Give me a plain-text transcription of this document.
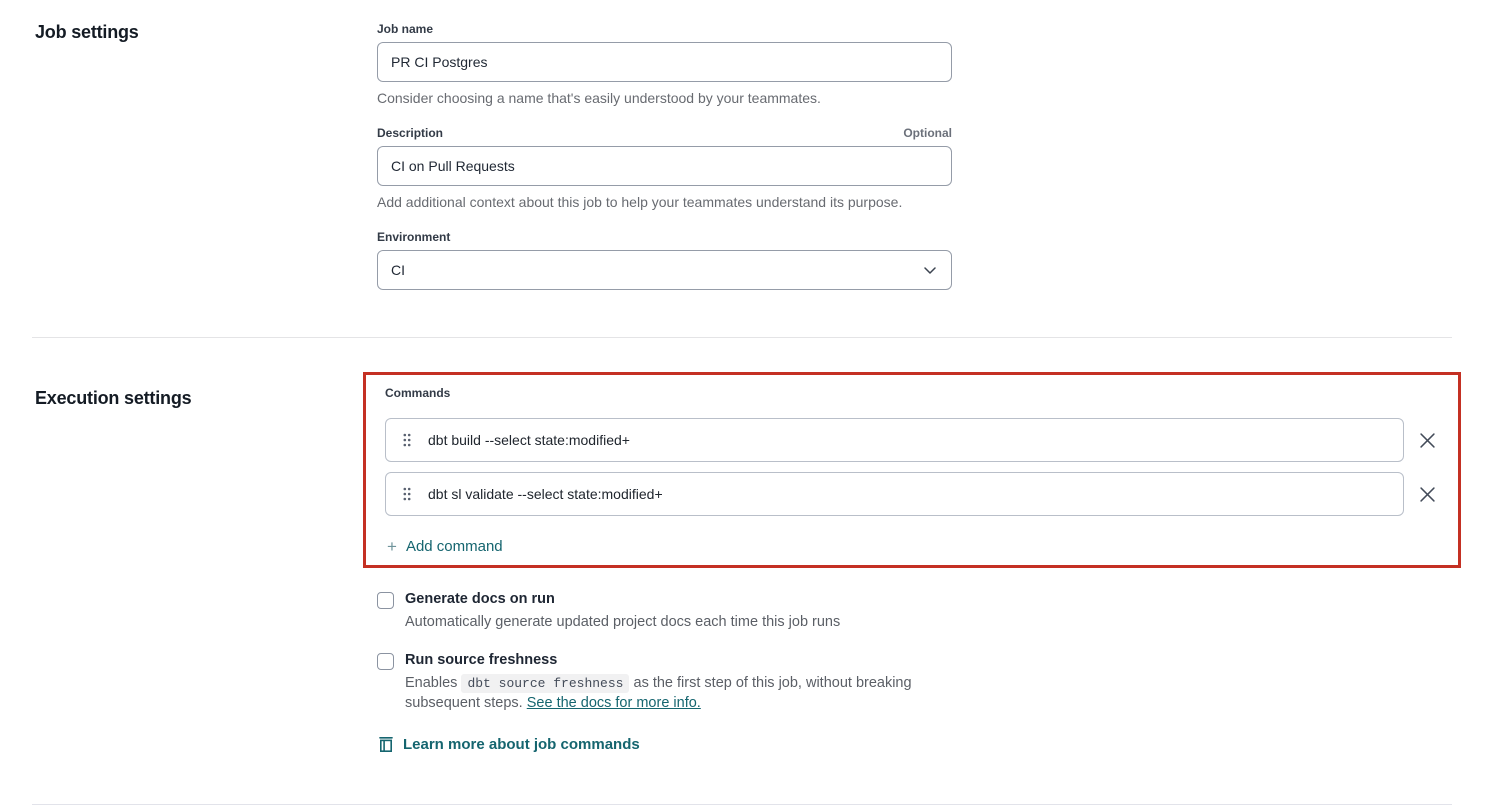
Job settings	Job name
PR CI Postgres

Consider choosing a name that's easily understood by your teammates.

Description	Optional
CI on Pull Requests

Add additional context about this job to help your teammates understand its purpose.

Environment
CI
Execution settings	Commands
dbt build --select state:modified+
dbt sl validate --select state:modified+
+ Add command
Generate docs on run

Automatically generate updated project docs each time this job runs

Run source freshness

Enables dbt source freshness as the first step of this job, without breaking subsequent steps. See the docs for more info.

Learn more about job commands
